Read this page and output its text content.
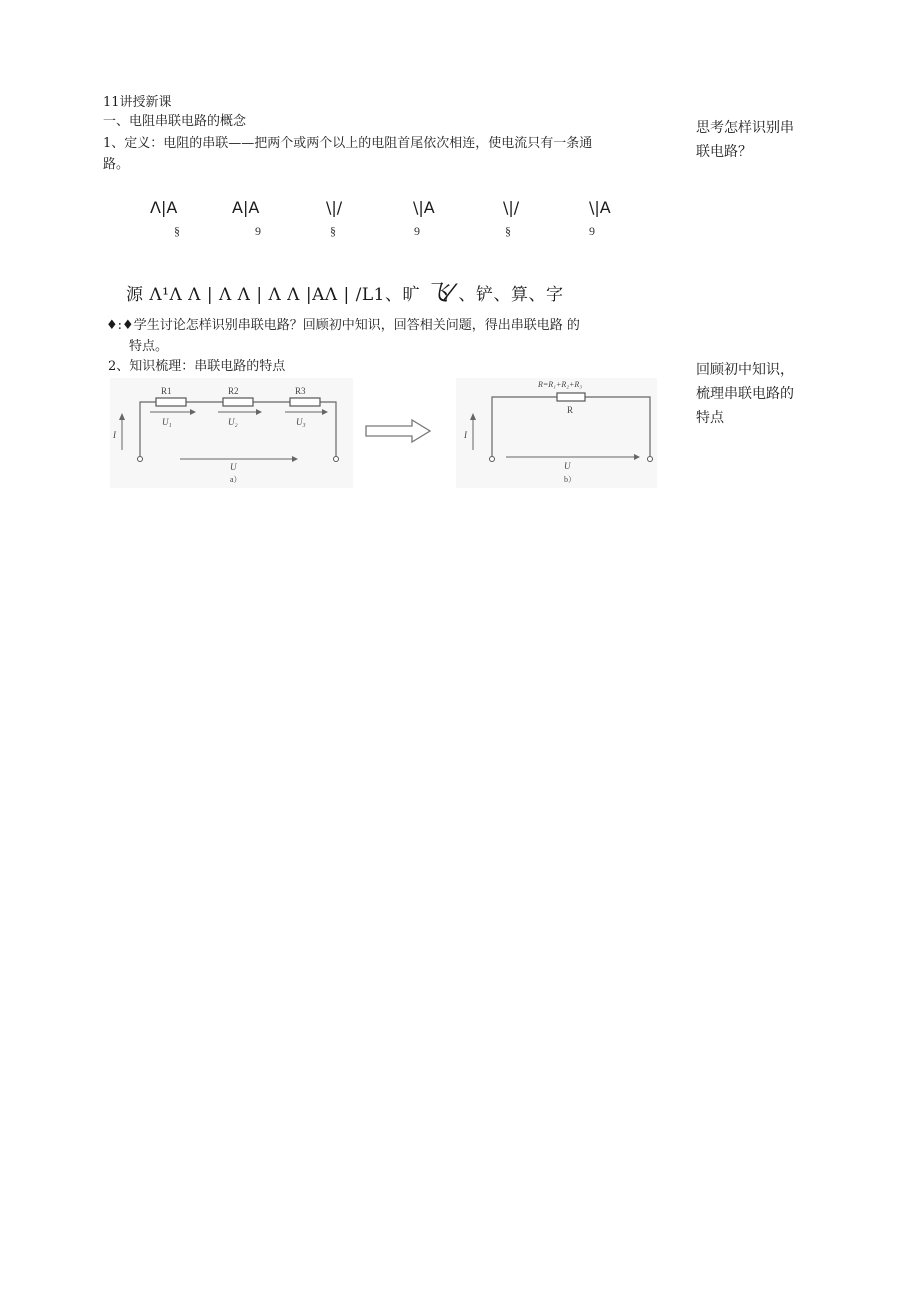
11讲授新课
一、电阻串联电路的概念
1、定义：电阻的串联——把两个或两个以上的电阻首尾依次相连，使电流只有一条通
路。
Λ|A	A|A	\|/	\|A	\|/	\|A
§	9	§	9	§	9
源 Λ¹Λ Λ | Λ Λ | Λ Λ |AΛ | /L1、旷 飞⁄ 、铲、算、字
♦:♦学生讨论怎样识别串联电路？回顾初中知识，回答相关问题，得出串联电路 的
特点。
2、知识梳理：串联电路的特点
思考怎样识别串
联电路？
回顾初中知识，
梳理串联电路的
特点
R1	R2	R3
U₁	U₂	U₃
I
U
a）
R=R₁+R₂+R₃
R
I
U
b）
